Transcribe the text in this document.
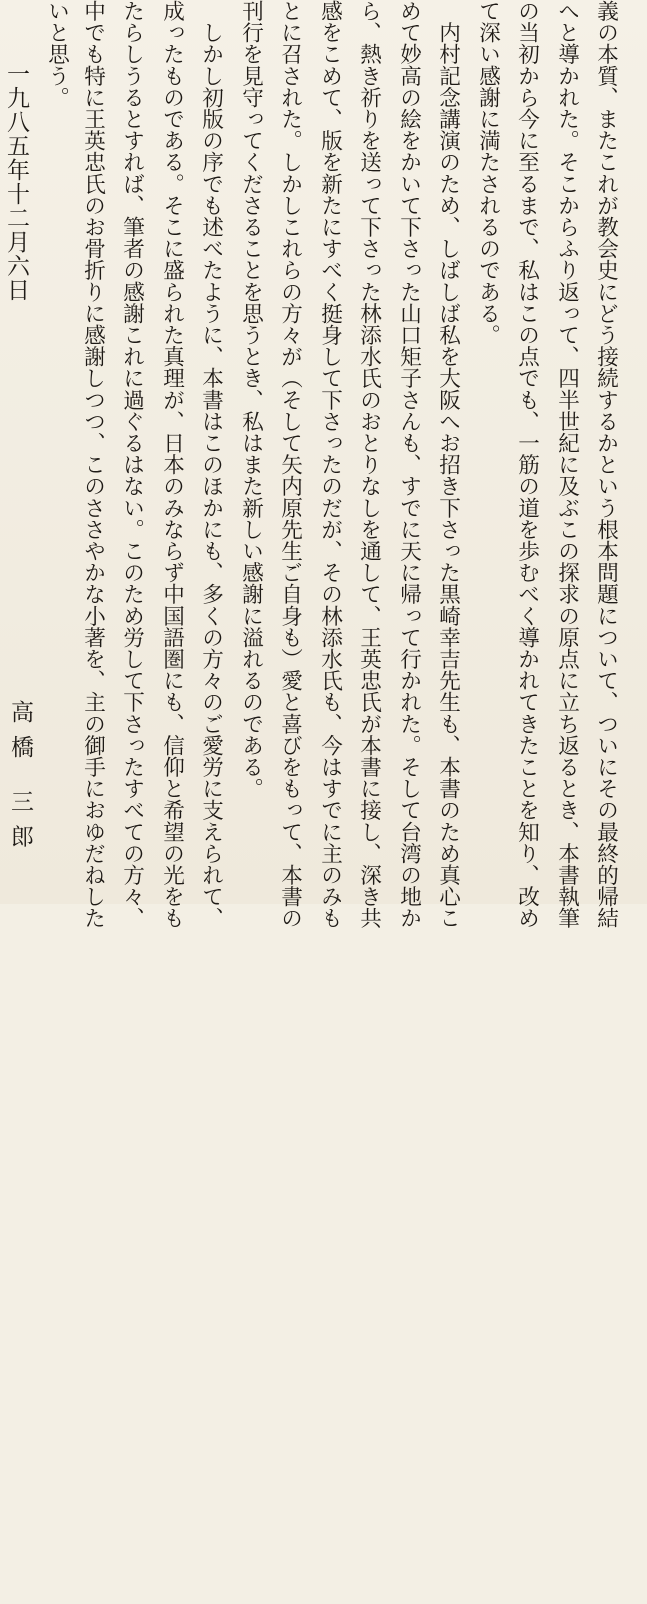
義の本質、またこれが教会史にどう接続するかという根本問題について、ついにその最終的帰結
へと導かれた。そこからふり返って、四半世紀に及ぶこの探求の原点に立ち返るとき、本書執筆
の当初から今に至るまで、私はこの点でも、一筋の道を歩むべく導かれてきたことを知り、改め
て深い感謝に満たされるのである。
　内村記念講演のため、しばしば私を大阪へお招き下さった黒崎幸吉先生も、本書のため真心こ
めて妙高の絵をかいて下さった山口矩子さんも、すでに天に帰って行かれた。そして台湾の地か
ら、熱き祈りを送って下さった林添水氏のおとりなしを通して、王英忠氏が本書に接し、深き共
感をこめて、版を新たにすべく挺身して下さったのだが、その林添水氏も、今はすでに主のみも
とに召された。しかしこれらの方々が（そして矢内原先生ご自身も）愛と喜びをもって、本書の
刊行を見守ってくださることを思うとき、私はまた新しい感謝に溢れるのである。
　しかし初版の序でも述べたように、本書はこのほかにも、多くの方々のご愛労に支えられて、
成ったものである。そこに盛られた真理が、日本のみならず中国語圏にも、信仰と希望の光をも
たらしうるとすれば、筆者の感謝これに過ぐるはない。このため労して下さったすべての方々、
中でも特に王英忠氏のお骨折りに感謝しつつ、このささやかな小著を、主の御手におゆだねした
いと思う。
一九八五年十二月六日
高橋 三郎
